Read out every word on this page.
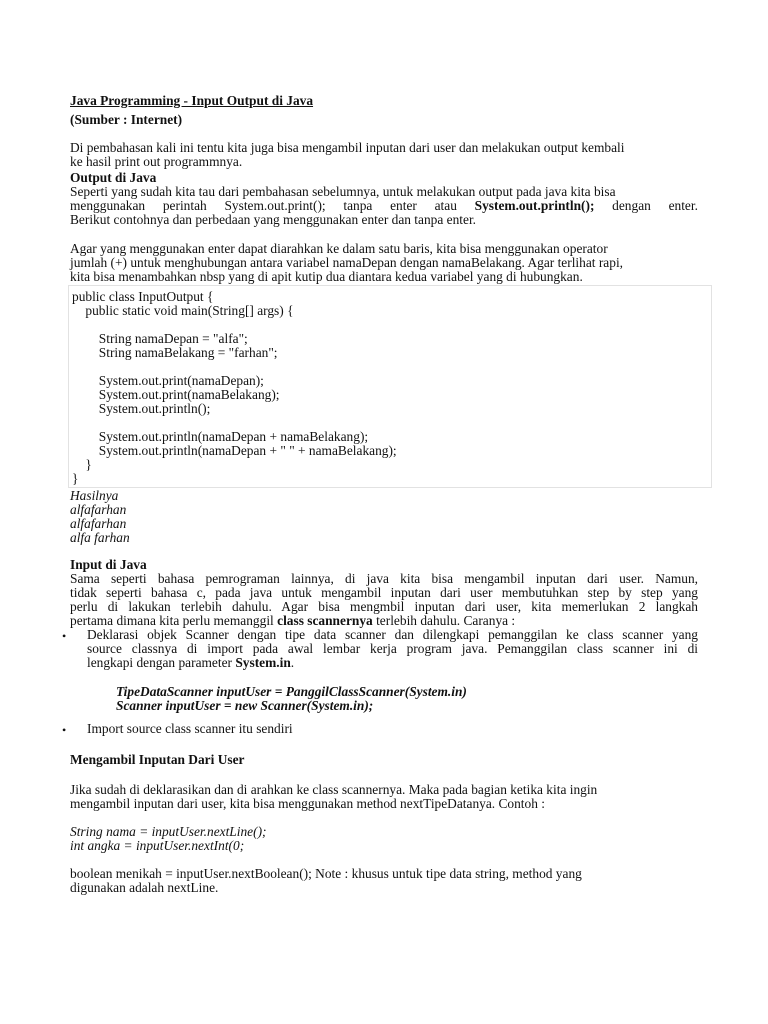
Java Programming - Input Output di Java
(Sumber : Internet)
Di pembahasan kali ini tentu kita juga bisa mengambil inputan dari user dan melakukan output kembali
ke hasil print out programmnya.
Output di Java
Seperti yang sudah kita tau dari pembahasan sebelumnya, untuk melakukan output pada java kita bisa
menggunakan perintah System.out.print(); tanpa enter atau System.out.println(); dengan enter.
Berikut contohnya dan perbedaan yang menggunakan enter dan tanpa enter.
Agar yang menggunakan enter dapat diarahkan ke dalam satu baris, kita bisa menggunakan operator
jumlah (+) untuk menghubungan antara variabel namaDepan dengan namaBelakang. Agar terlihat rapi,
kita bisa menambahkan nbsp yang di apit kutip dua diantara kedua variabel yang di hubungkan.
public class InputOutput {
public static void main(String[] args) {
String namaDepan = "alfa";
String namaBelakang = "farhan";
System.out.print(namaDepan);
System.out.print(namaBelakang);
System.out.println();
System.out.println(namaDepan + namaBelakang);
System.out.println(namaDepan + " " + namaBelakang);
}
}
Hasilnya
alfafarhan
alfafarhan
alfa farhan
Input di Java
Sama seperti bahasa pemrograman lainnya, di java kita bisa mengambil inputan dari user. Namun,
tidak seperti bahasa c, pada java untuk mengambil inputan dari user membutuhkan step by step yang
perlu di lakukan terlebih dahulu. Agar bisa mengmbil inputan dari user, kita memerlukan 2 langkah
pertama dimana kita perlu memanggil class scannernya terlebih dahulu. Caranya :
• Deklarasi objek Scanner dengan tipe data scanner dan dilengkapi pemanggilan ke class scanner yang
source classnya di import pada awal lembar kerja program java. Pemanggilan class scanner ini di
lengkapi dengan parameter System.in.
TipeDataScanner inputUser = PanggilClassScanner(System.in)
Scanner inputUser = new Scanner(System.in);
• Import source class scanner itu sendiri
Mengambil Inputan Dari User
Jika sudah di deklarasikan dan di arahkan ke class scannernya. Maka pada bagian ketika kita ingin
mengambil inputan dari user, kita bisa menggunakan method nextTipeDatanya. Contoh :
String nama = inputUser.nextLine();
int angka = inputUser.nextInt(0;
boolean menikah = inputUser.nextBoolean(); Note : khusus untuk tipe data string, method yang
digunakan adalah nextLine.
